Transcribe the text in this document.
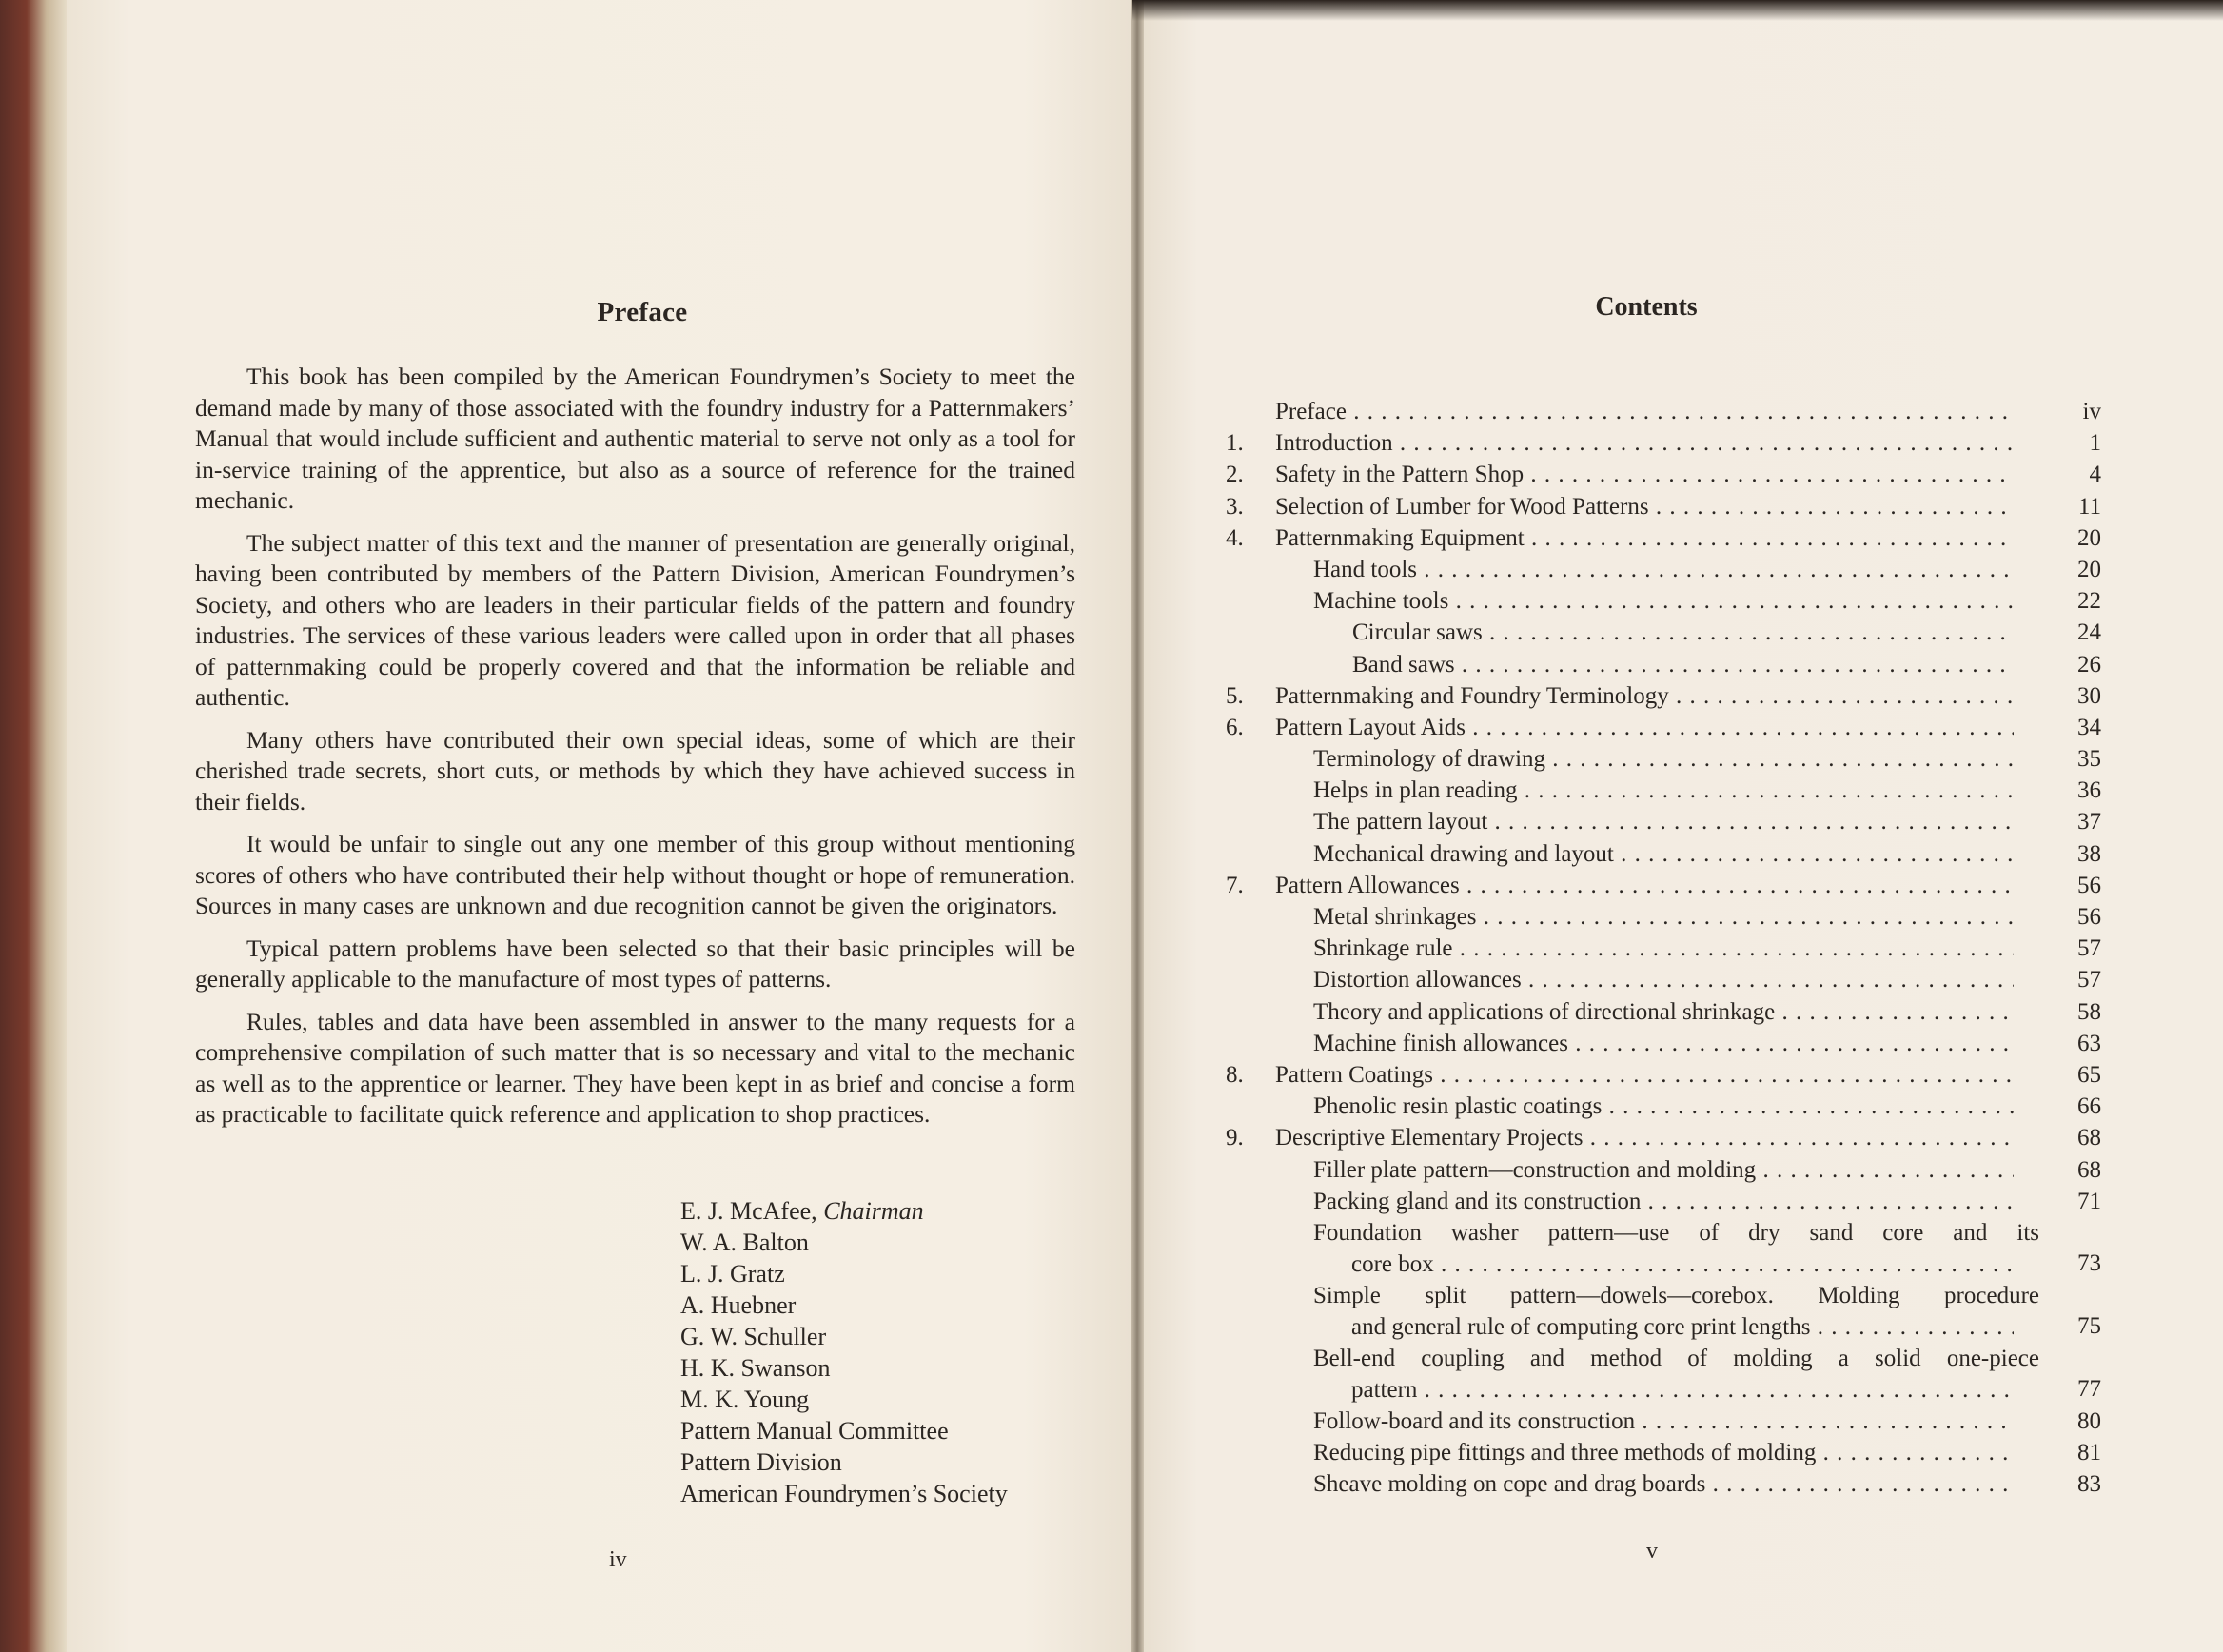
Preface

This book has been compiled by the American Foundrymen’s Society to meet the demand made by many of those associated with the foundry industry for a Patternmakers’ Manual that would include sufficient and authentic material to serve not only as a tool for in-service training of the apprentice, but also as a source of reference for the trained mechanic.

The subject matter of this text and the manner of presentation are generally original, having been contributed by members of the Pattern Division, American Foundrymen’s Society, and others who are leaders in their particular fields of the pattern and foundry industries. The services of these various leaders were called upon in order that all phases of patternmaking could be properly covered and that the information be reliable and authentic.

Many others have contributed their own special ideas, some of which are their cherished trade secrets, short cuts, or methods by which they have achieved success in their fields.

It would be unfair to single out any one member of this group without mentioning scores of others who have contributed their help without thought or hope of remuneration. Sources in many cases are unknown and due recognition cannot be given the originators.

Typical pattern problems have been selected so that their basic principles will be generally applicable to the manufacture of most types of patterns.

Rules, tables and data have been assembled in answer to the many requests for a comprehensive compilation of such matter that is so necessary and vital to the mechanic as well as to the apprentice or learner. They have been kept in as brief and concise a form as practicable to facilitate quick reference and application to shop practices.

E. J. McAfee, Chairman
W. A. Balton
L. J. Gratz
A. Huebner
G. W. Schuller
H. K. Swanson
M. K. Young
Pattern Manual Committee
Pattern Division
American Foundrymen’s Society
iv
Contents
Preface . . .	iv
1.	Introduction . . .	1
2.	Safety in the Pattern Shop . . .	4
3.	Selection of Lumber for Wood Patterns . . .	11
4.	Patternmaking Equipment . . .	20
Hand tools . . .	20
Machine tools . . .	22
Circular saws . . .	24
Band saws . . .	26
5.	Patternmaking and Foundry Terminology . . .	30
6.	Pattern Layout Aids . . .	34
Terminology of drawing . . .	35
Helps in plan reading . . .	36
The pattern layout . . .	37
Mechanical drawing and layout . . .	38
7.	Pattern Allowances . . .	56
Metal shrinkages . . .	56
Shrinkage rule . . .	57
Distortion allowances . . .	57
Theory and applications of directional shrinkage . . .	58
Machine finish allowances . . .	63
8.	Pattern Coatings . . .	65
Phenolic resin plastic coatings . . .	66
9.	Descriptive Elementary Projects . . .	68
Filler plate pattern—construction and molding . . .	68
Packing gland and its construction . . .	71
Foundation washer pattern—use of dry sand core and its
core box . . .	73
Simple split pattern—dowels—corebox. Molding procedure
and general rule of computing core print lengths . . .	75
Bell-end coupling and method of molding a solid one-piece
pattern . . .	77
Follow-board and its construction . . .	80
Reducing pipe fittings and three methods of molding . . .	81
Sheave molding on cope and drag boards . . .	83
v
